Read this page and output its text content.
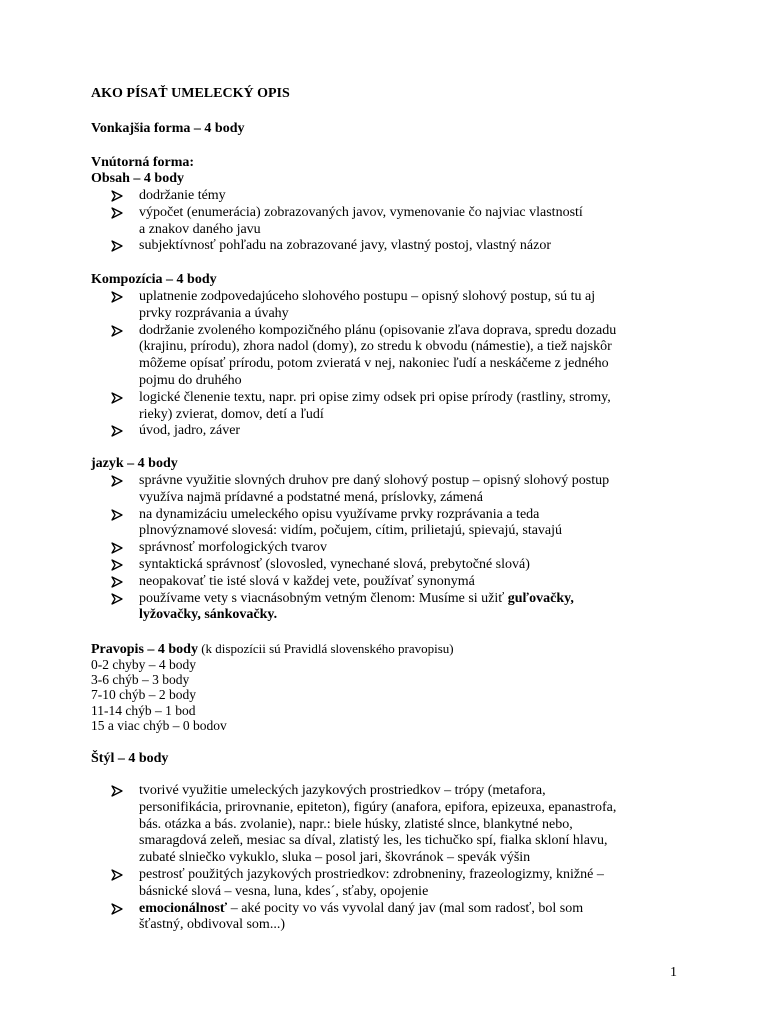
AKO PÍSAŤ UMELECKÝ OPIS
Vonkajšia forma – 4 body
Vnútorná forma:
Obsah – 4 body
Kompozícia – 4 body
jazyk – 4 body
Pravopis – 4 body (k dispozícii sú Pravidlá slovenského pravopisu)
Štýl – 4 body
1
dodržanie témy
výpočet (enumerácia) zobrazovaných javov, vymenovanie čo najviac vlastností
a znakov daného javu
subjektívnosť pohľadu na zobrazované javy, vlastný postoj, vlastný názor
uplatnenie zodpovedajúceho slohového postupu – opisný slohový postup, sú tu aj
prvky rozprávania a úvahy
dodržanie zvoleného kompozičného plánu (opisovanie zľava doprava, spredu dozadu
(krajinu, prírodu), zhora nadol (domy), zo stredu k obvodu (námestie), a tiež najskôr
môžeme opísať prírodu, potom zvieratá v nej, nakoniec ľudí a neskáčeme z jedného
pojmu do druhého
logické členenie textu, napr. pri opise zimy odsek pri opise prírody (rastliny, stromy,
rieky) zvierat, domov, detí a ľudí
úvod, jadro, záver
správne využitie slovných druhov pre daný slohový postup – opisný slohový postup
využíva najmä prídavné a podstatné mená, príslovky, zámená
na dynamizáciu umeleckého opisu využívame prvky rozprávania a teda
plnovýznamové slovesá: vidím, počujem, cítim, prilietajú, spievajú, stavajú
správnosť morfologických tvarov
syntaktická správnosť (slovosled, vynechané slová, prebytočné slová)
neopakovať tie isté slová v každej vete, používať synonymá
používame vety s viacnásobným vetným členom: Musíme si užiť guľovačky,
lyžovačky, sánkovačky.
0-2 chyby – 4 body
3-6 chýb – 3 body
7-10 chýb – 2 body
11-14 chýb – 1 bod
15 a viac chýb – 0 bodov
tvorivé využitie umeleckých jazykových prostriedkov – trópy (metafora,
personifikácia, prirovnanie, epiteton), figúry (anafora, epifora, epizeuxa, epanastrofa,
bás. otázka a bás. zvolanie), napr.: biele húsky, zlatisté slnce, blankytné nebo,
smaragdová zeleň, mesiac sa díval, zlatistý les, les tichučko spí, fialka skloní hlavu,
zubaté slniečko vykuklo, sluka – posol jari, škovránok – spevák výšin
pestrosť použitých jazykových prostriedkov: zdrobneniny, frazeologizmy, knižné –
básnické slová – vesna, luna, kdes´, sťaby, opojenie
emocionálnosť – aké pocity vo vás vyvolal daný jav (mal som radosť, bol som
šťastný, obdivoval som...)
